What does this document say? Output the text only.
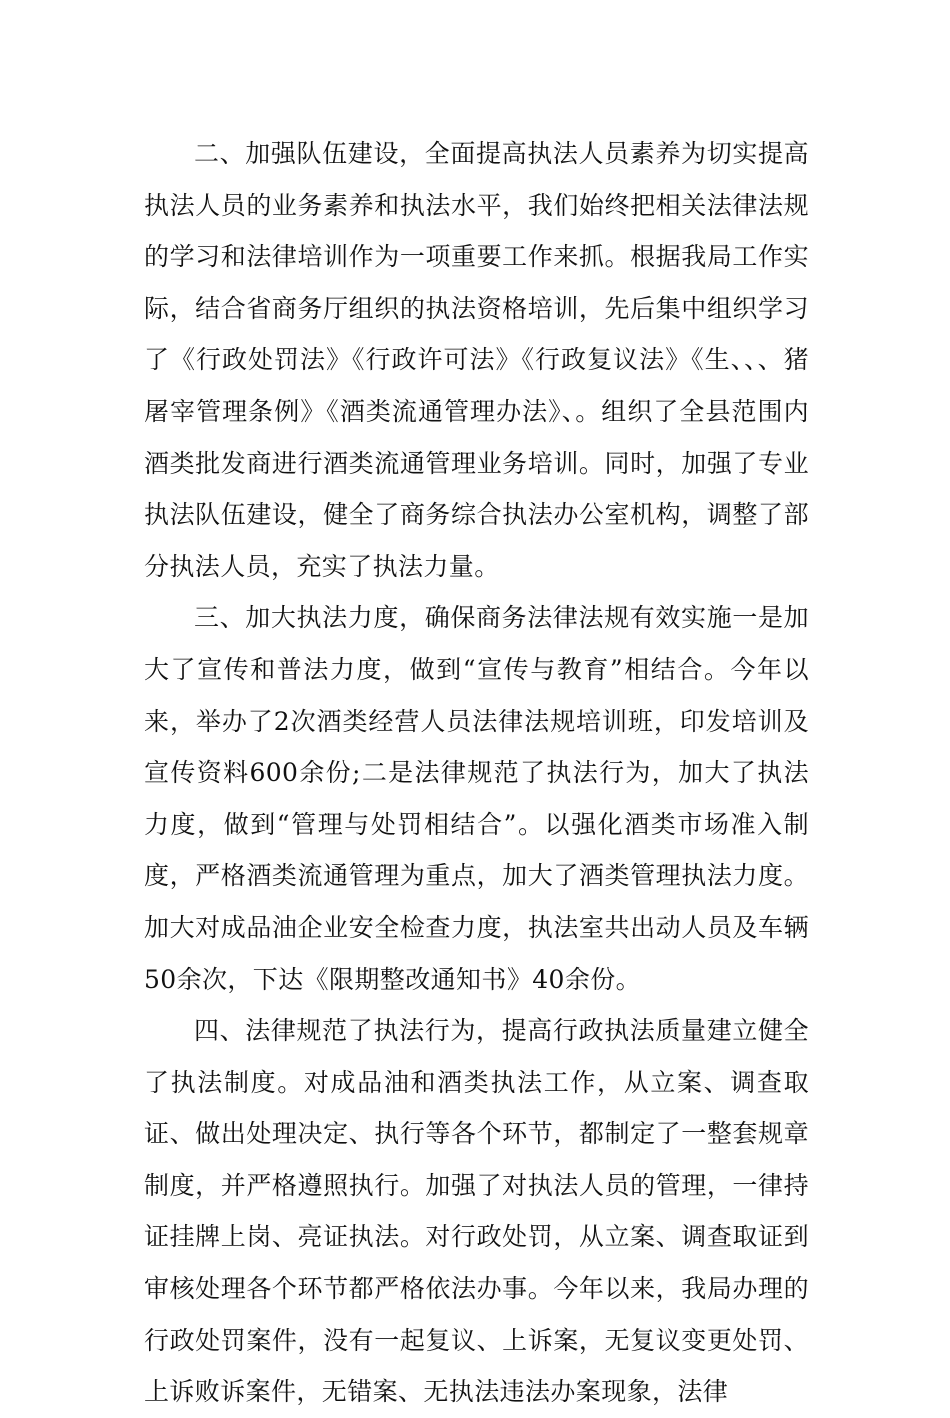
二、加强队伍建设，全面提高执法人员素养为切实提高执法人员的业务素养和执法水平，我们始终把相关法律法规的学习和法律培训作为一项重要工作来抓。根据我局工作实际，结合省商务厅组织的执法资格培训，先后集中组织学习了《行政处罚法》《行政许可法》《行政复议法》《生、、、猪屠宰管理条例》《酒类流通管理办法》、。组织了全县范围内酒类批发商进行酒类流通管理业务培训。同时，加强了专业执法队伍建设，健全了商务综合执法办公室机构，调整了部分执法人员，充实了执法力量。

三、加大执法力度，确保商务法律法规有效实施一是加大了宣传和普法力度，做到“宣传与教育”相结合。今年以来，举办了2次酒类经营人员法律法规培训班，印发培训及宣传资料600余份;二是法律规范了执法行为，加大了执法力度，做到“管理与处罚相结合”。以强化酒类市场准入制度，严格酒类流通管理为重点，加大了酒类管理执法力度。加大对成品油企业安全检查力度，执法室共出动人员及车辆50余次，下达《限期整改通知书》40余份。

四、法律规范了执法行为，提高行政执法质量建立健全了执法制度。对成品油和酒类执法工作，从立案、调查取证、做出处理决定、执行等各个环节，都制定了一整套规章制度，并严格遵照执行。加强了对执法人员的管理，一律持证挂牌上岗、亮证执法。对行政处罚，从立案、调查取证到审核处理各个环节都严格依法办事。今年以来，我局办理的行政处罚案件，没有一起复议、上诉案，无复议变更处罚、上诉败诉案件，无错案、无执法违法办案现象，法律
